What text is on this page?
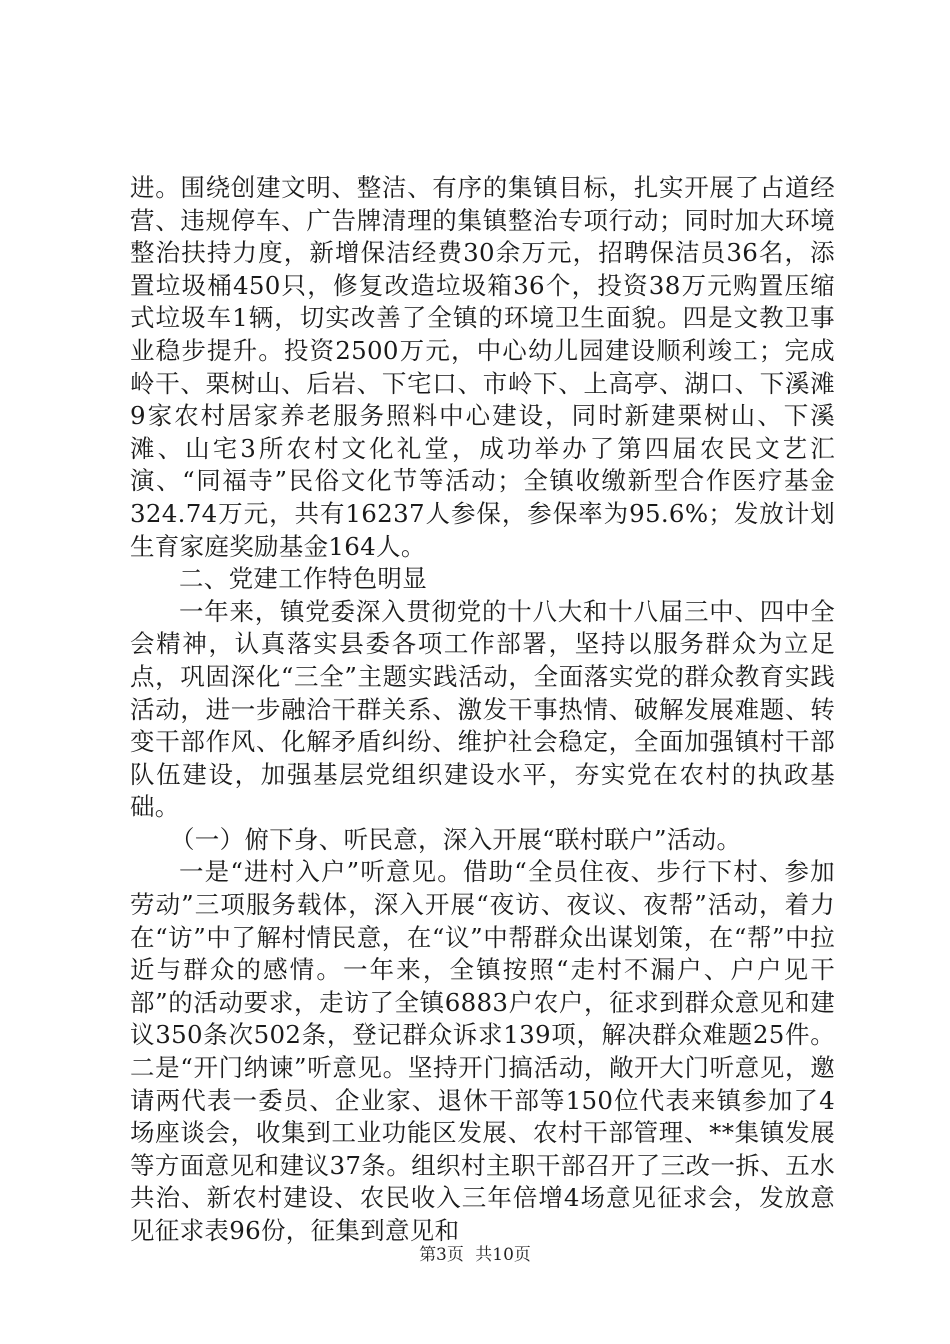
进。围绕创建文明、整洁、有序的集镇目标，扎实开展了占道经营、违规停车、广告牌清理的集镇整治专项行动；同时加大环境整治扶持力度，新增保洁经费30余万元，招聘保洁员36名，添置垃圾桶450只，修复改造垃圾箱36个，投资38万元购置压缩式垃圾车1辆，切实改善了全镇的环境卫生面貌。四是文教卫事业稳步提升。投资2500万元，中心幼儿园建设顺利竣工；完成岭干、栗树山、后岩、下宅口、市岭下、上高亭、湖口、下溪滩9家农村居家养老服务照料中心建设，同时新建栗树山、下溪滩、山宅3所农村文化礼堂，成功举办了第四届农民文艺汇演、“同福寺”民俗文化节等活动；全镇收缴新型合作医疗基金324.74万元，共有16237人参保，参保率为95.6%；发放计划生育家庭奖励基金164人。

二、党建工作特色明显

一年来，镇党委深入贯彻党的十八大和十八届三中、四中全会精神，认真落实县委各项工作部署，坚持以服务群众为立足点，巩固深化“三全”主题实践活动，全面落实党的群众教育实践活动，进一步融洽干群关系、激发干事热情、破解发展难题、转变干部作风、化解矛盾纠纷、维护社会稳定，全面加强镇村干部队伍建设，加强基层党组织建设水平，夯实党在农村的执政基础。

（一）俯下身、听民意，深入开展“联村联户”活动。

一是“进村入户”听意见。借助“全员住夜、步行下村、参加劳动”三项服务载体，深入开展“夜访、夜议、夜帮”活动，着力在“访”中了解村情民意，在“议”中帮群众出谋划策，在“帮”中拉近与群众的感情。一年来，全镇按照“走村不漏户、户户见干部”的活动要求，走访了全镇6883户农户，征求到群众意见和建议350条次502条，登记群众诉求139项，解决群众难题25件。二是“开门纳谏”听意见。坚持开门搞活动，敞开大门听意见，邀请两代表一委员、企业家、退休干部等150位代表来镇参加了4场座谈会，收集到工业功能区发展、农村干部管理、**集镇发展等方面意见和建议37条。组织村主职干部召开了三改一拆、五水共治、新农村建设、农民收入三年倍增4场意见征求会，发放意见征求表96份，征集到意见和

第3页 共10页
